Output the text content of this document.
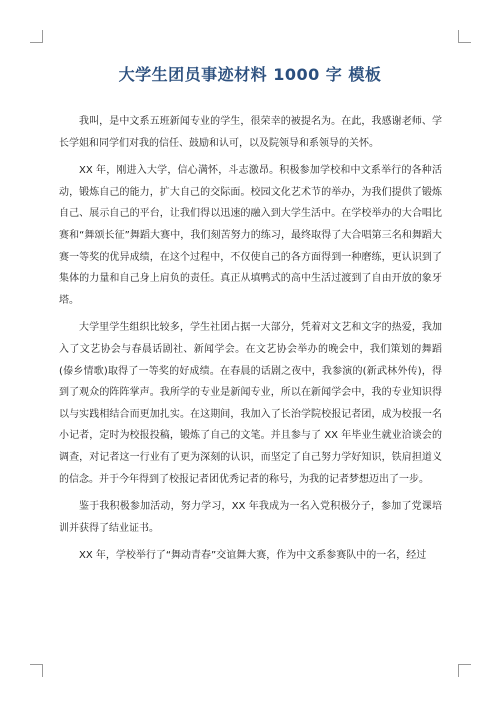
大学生团员事迹材料 1000 字 模板

我叫，是中文系五班新闻专业的学生，很荣幸的被提名为。在此，我感谢老师、学长学姐和同学们对我的信任、鼓励和认可，以及院领导和系领导的关怀。

XX 年，刚进入大学，信心满怀，斗志激昂。积极参加学校和中文系举行的各种活动，锻炼自己的能力，扩大自己的交际面。校园文化艺术节的举办，为我们提供了锻炼自己、展示自己的平台，让我们得以迅速的融入到大学生活中。在学校举办的大合唱比赛和“舞颂长征”舞蹈大赛中，我们刻苦努力的练习，最终取得了大合唱第三名和舞蹈大赛一等奖的优异成绩，在这个过程中，不仅使自己的各方面得到一种磨练，更认识到了集体的力量和自己身上肩负的责任。真正从填鸭式的高中生活过渡到了自由开放的象牙塔。

大学里学生组织比较多，学生社团占据一大部分，凭着对文艺和文字的热爱，我加入了文艺协会与春晨话剧社、新闻学会。在文艺协会举办的晚会中，我们策划的舞蹈(傣乡情歌)取得了一等奖的好成绩。在春晨的话剧之夜中，我参演的(新武林外传)，得到了观众的阵阵掌声。我所学的专业是新闻专业，所以在新闻学会中，我的专业知识得以与实践相结合而更加扎实。在这期间，我加入了长治学院校报记者团，成为校报一名小记者，定时为校报投稿，锻炼了自己的文笔。并且参与了 XX 年毕业生就业洽谈会的调查，对记者这一行业有了更为深刻的认识，而坚定了自己努力学好知识，铁肩担道义的信念。并于今年得到了校报记者团优秀记者的称号，为我的记者梦想迈出了一步。

鉴于我积极参加活动，努力学习，XX 年我成为一名入党积极分子，参加了党课培训并获得了结业证书。

XX 年，学校举行了“舞动青春”交谊舞大赛，作为中文系参赛队中的一名，经过
